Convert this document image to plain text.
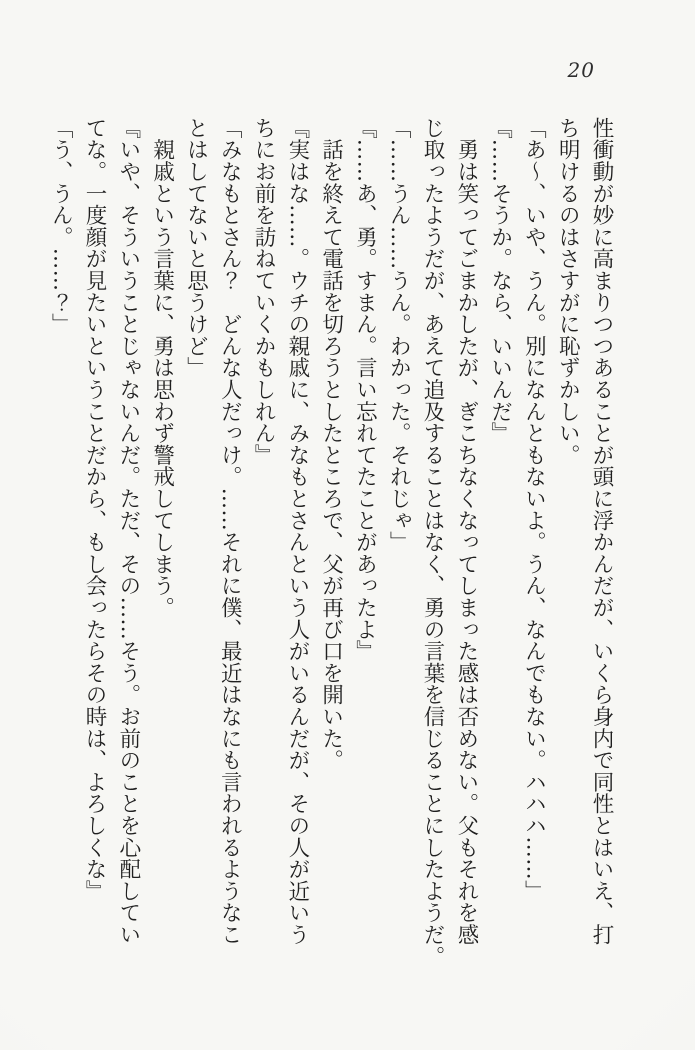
20

性衝動が妙に高まりつつあることが頭に浮かんだが、いくら身内で同性とはいえ、打

ち明けるのはさすがに恥ずかしい。

「あ～、いや、うん。別になんともないよ。うん、なんでもない。ハハハ……」

『……そうか。なら、いいんだ』

　勇は笑ってごまかしたが、ぎこちなくなってしまった感は否めない。父もそれを感

じ取ったようだが、あえて追及することはなく、勇の言葉を信じることにしたようだ。

「……うん……うん。わかった。それじゃ」

『……あ、勇。すまん。言い忘れてたことがあったよ』

　話を終えて電話を切ろうとしたところで、父が再び口を開いた。

『実はな……。ウチの親戚に、みなもとさんという人がいるんだが、その人が近いう

ちにお前を訪ねていくかもしれん』

「みなもとさん？　どんな人だっけ。……それに僕、最近はなにも言われるようなこ

とはしてないと思うけど」

　親戚という言葉に、勇は思わず警戒してしまう。

『いや、そういうことじゃないんだ。ただ、その……そう。お前のことを心配してい

てな。一度顔が見たいということだから、もし会ったらその時は、よろしくな』

「う、うん。……？」
